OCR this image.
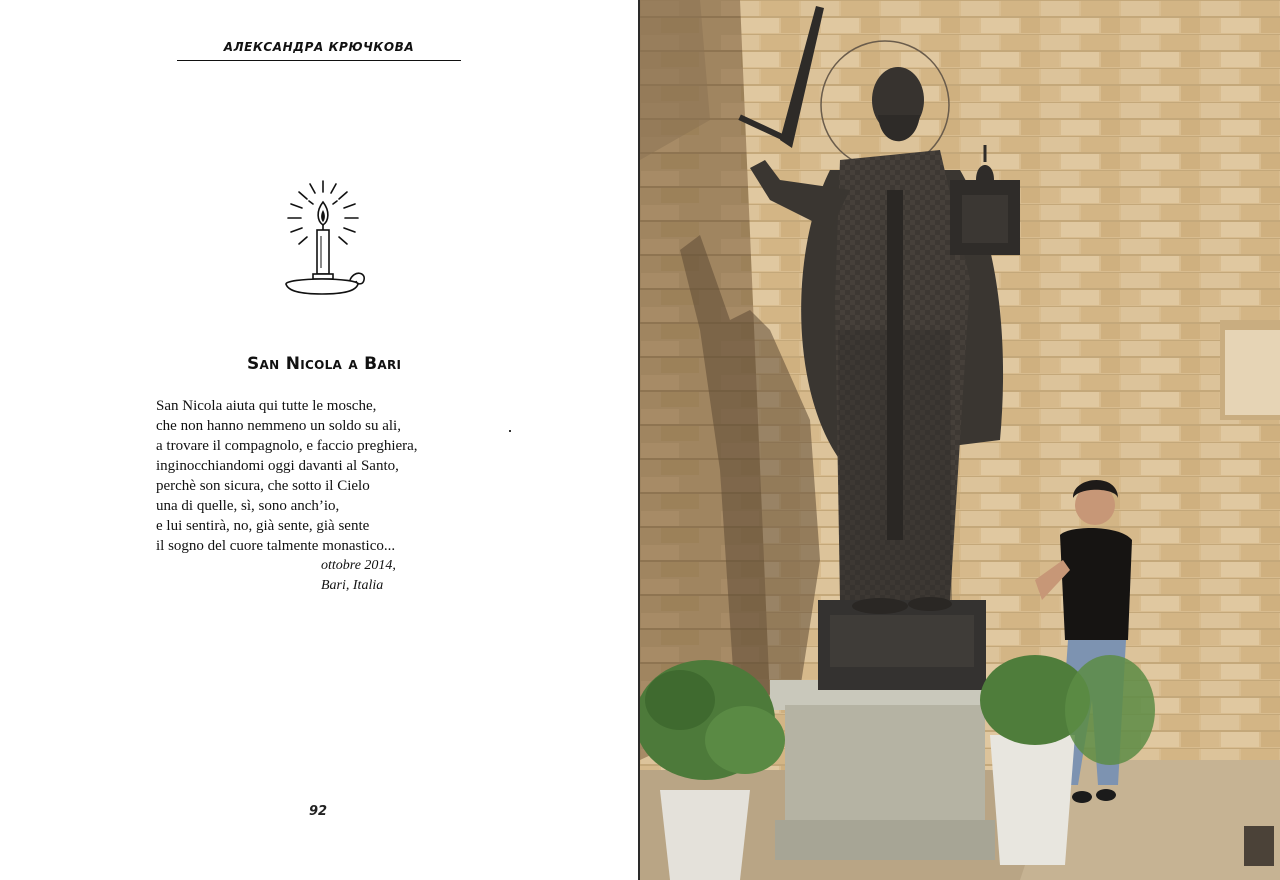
АЛЕКСАНДРА КРЮЧКОВА
San Nicola a Bari
San Nicola aiuta qui tutte le mosche,
che non hanno nemmeno un soldo su ali,
a trovare il compagnolo, e faccio preghiera,
inginocchiandomi oggi davanti al Santo,
perchè son sicura, che sotto il Cielo
una di quelle, sì, sono anch’io,
e lui sentirà, no, già sente, già sente
il sogno del cuore talmente monastico...
ottobre 2014,
Bari, Italia
92
